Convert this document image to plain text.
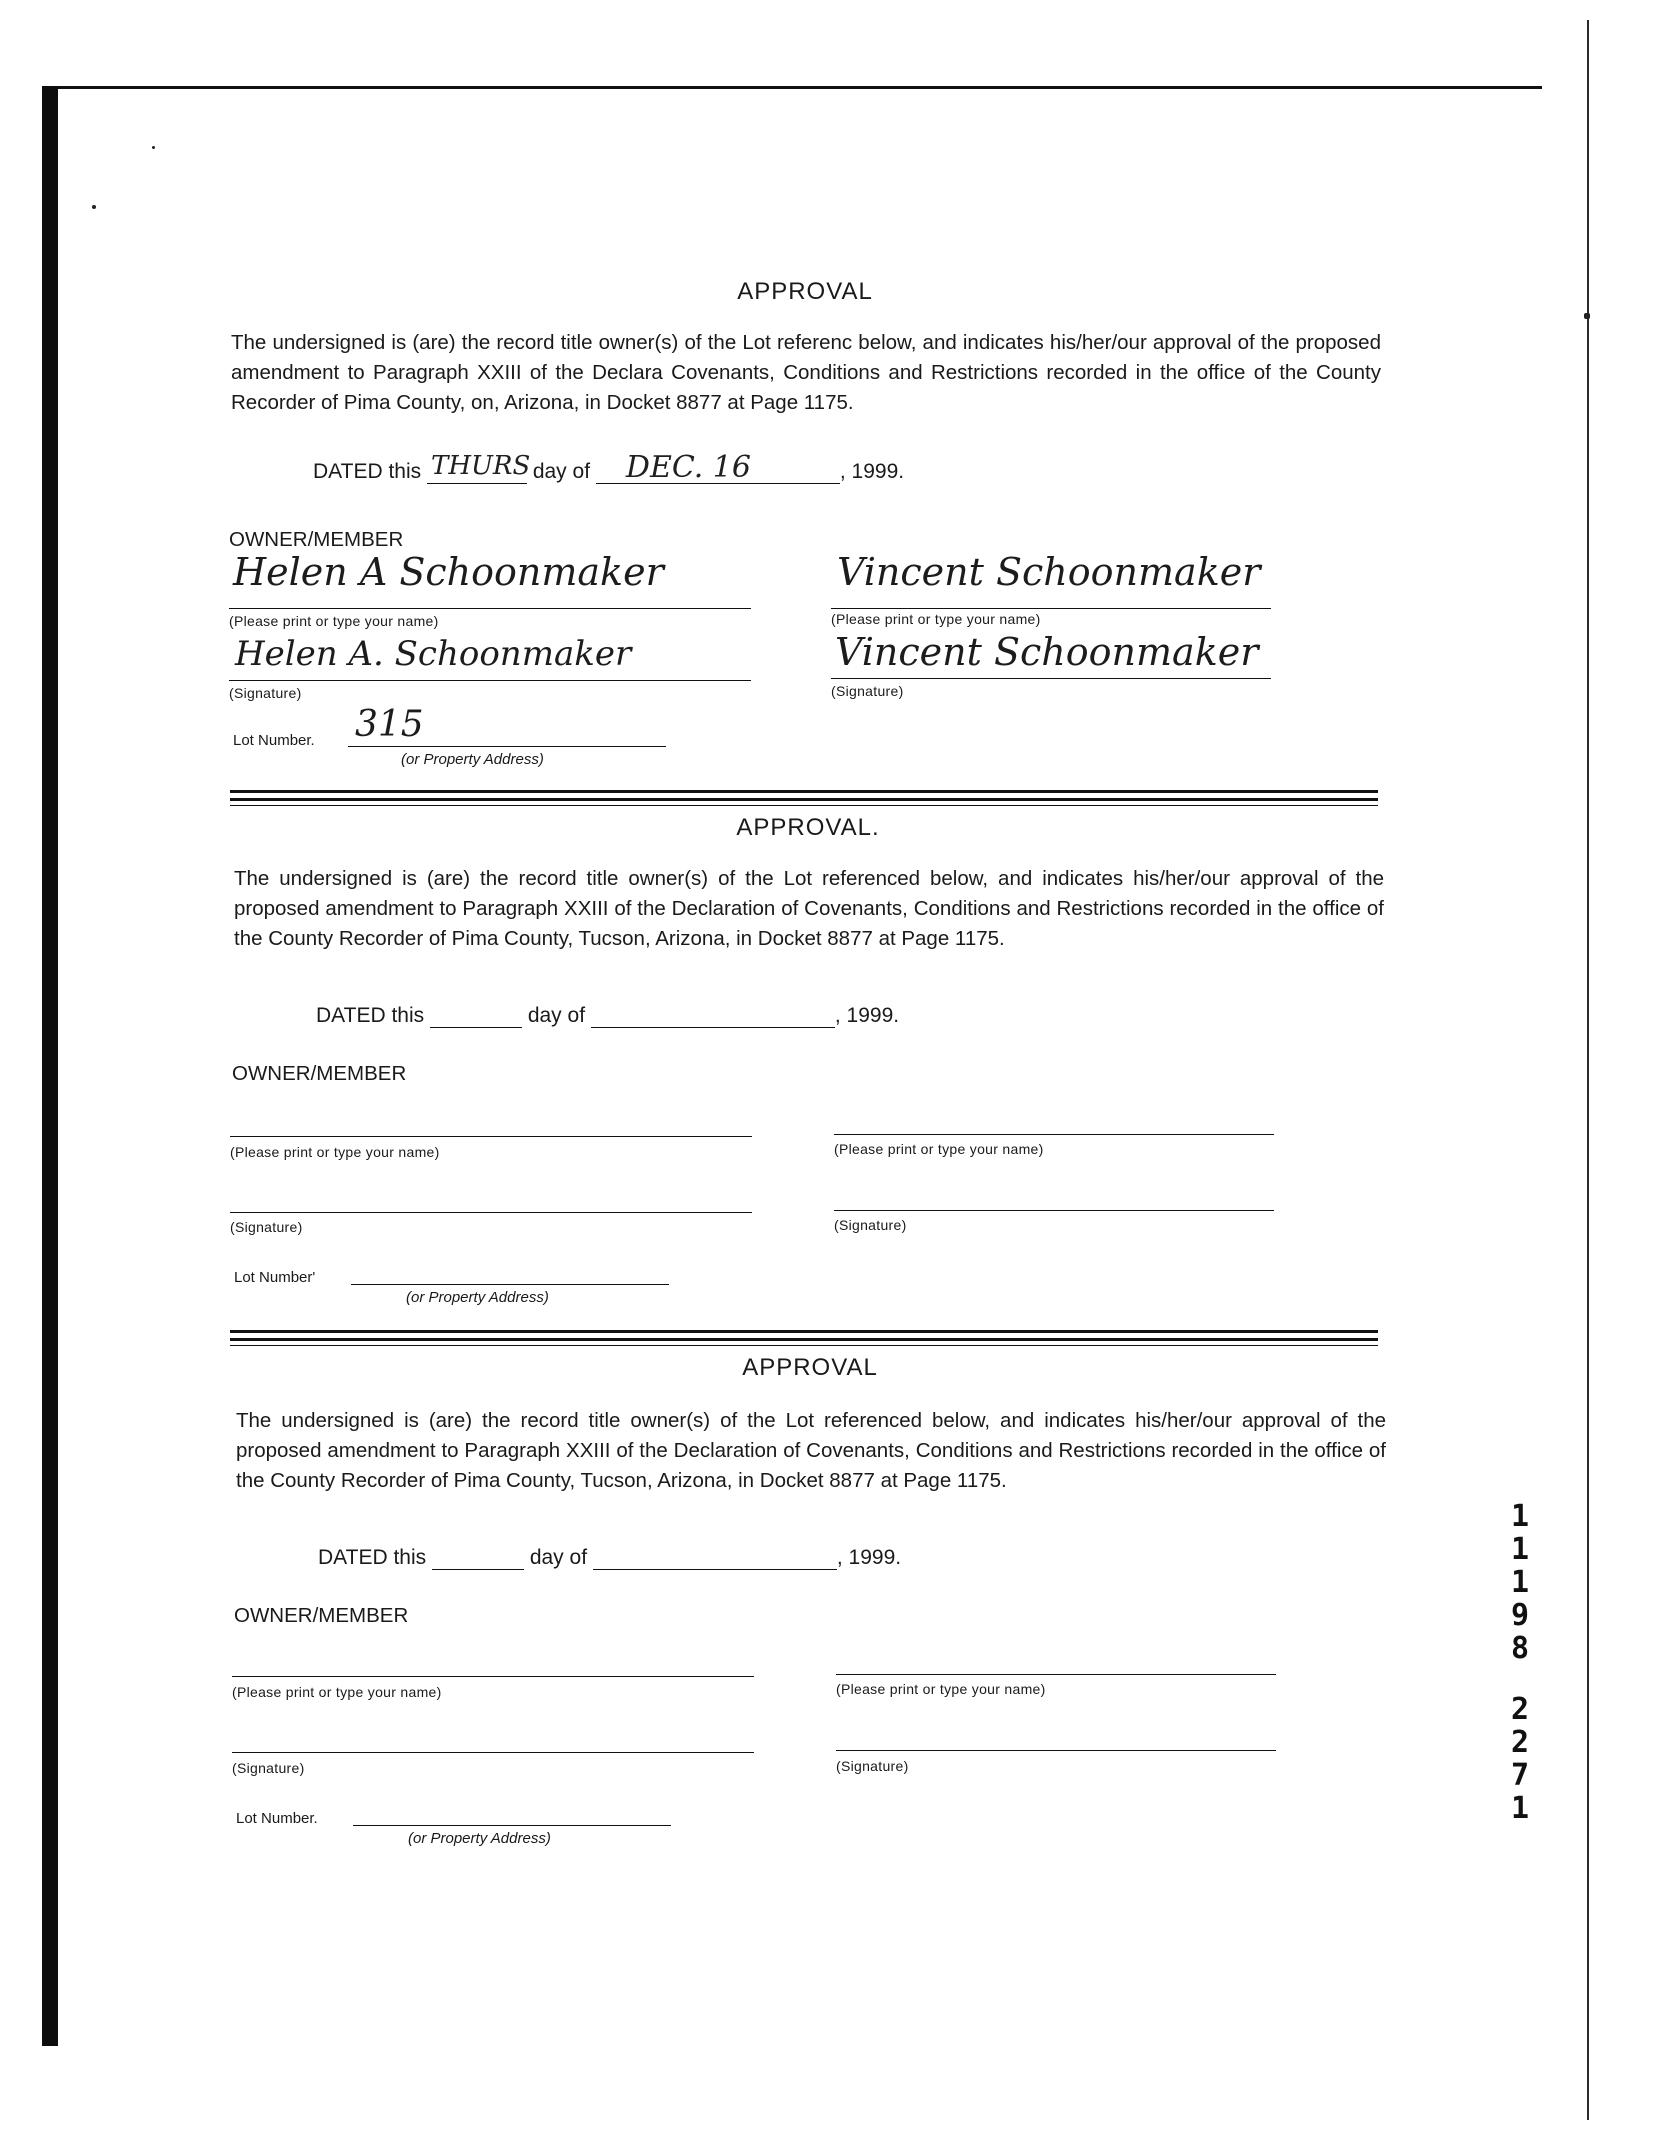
APPROVAL
The undersigned is (are) the record title owner(s) of the Lot referenc below, and indicates his/her/our approval of the proposed amendment to Paragraph XXIII of the Declara Covenants, Conditions and Restrictions recorded in the office of the County Recorder of Pima County, on, Arizona, in Docket 8877 at Page 1175.
DATED this THURS day of DEC. 16	, 1999.
OWNER/MEMBER
Helen A Schoonmaker
(Please print or type your name)
Vincent Schoonmaker
(Please print or type your name)
Helen A. Schoonmaker
(Signature)
Vincent Schoonmaker
(Signature)
Lot Number. 315
(or Property Address)
APPROVAL.
The undersigned is (are) the record title owner(s) of the Lot referenced below, and indicates his/her/our approval of the proposed amendment to Paragraph XXIII of the Declaration of Covenants, Conditions and Restrictions recorded in the office of the County Recorder of Pima County, Tucson, Arizona, in Docket 8877 at Page 1175.
DATED this	day of	, 1999.
OWNER/MEMBER
(Please print or type your name)	(Please print or type your name)
(Signature)	(Signature)
Lot Number'
(or Property Address)
APPROVAL
The undersigned is (are) the record title owner(s) of the Lot referenced below, and indicates his/her/our approval of the proposed amendment to Paragraph XXIII of the Declaration of Covenants, Conditions and Restrictions recorded in the office of the County Recorder of Pima County, Tucson, Arizona, in Docket 8877 at Page 1175.
DATED this	day of	, 1999.
OWNER/MEMBER
(Please print or type your name)	(Please print or type your name)
(Signature)	(Signature)
Lot Number.
(or Property Address)
1
1
1
9
8
2
2
7
1
